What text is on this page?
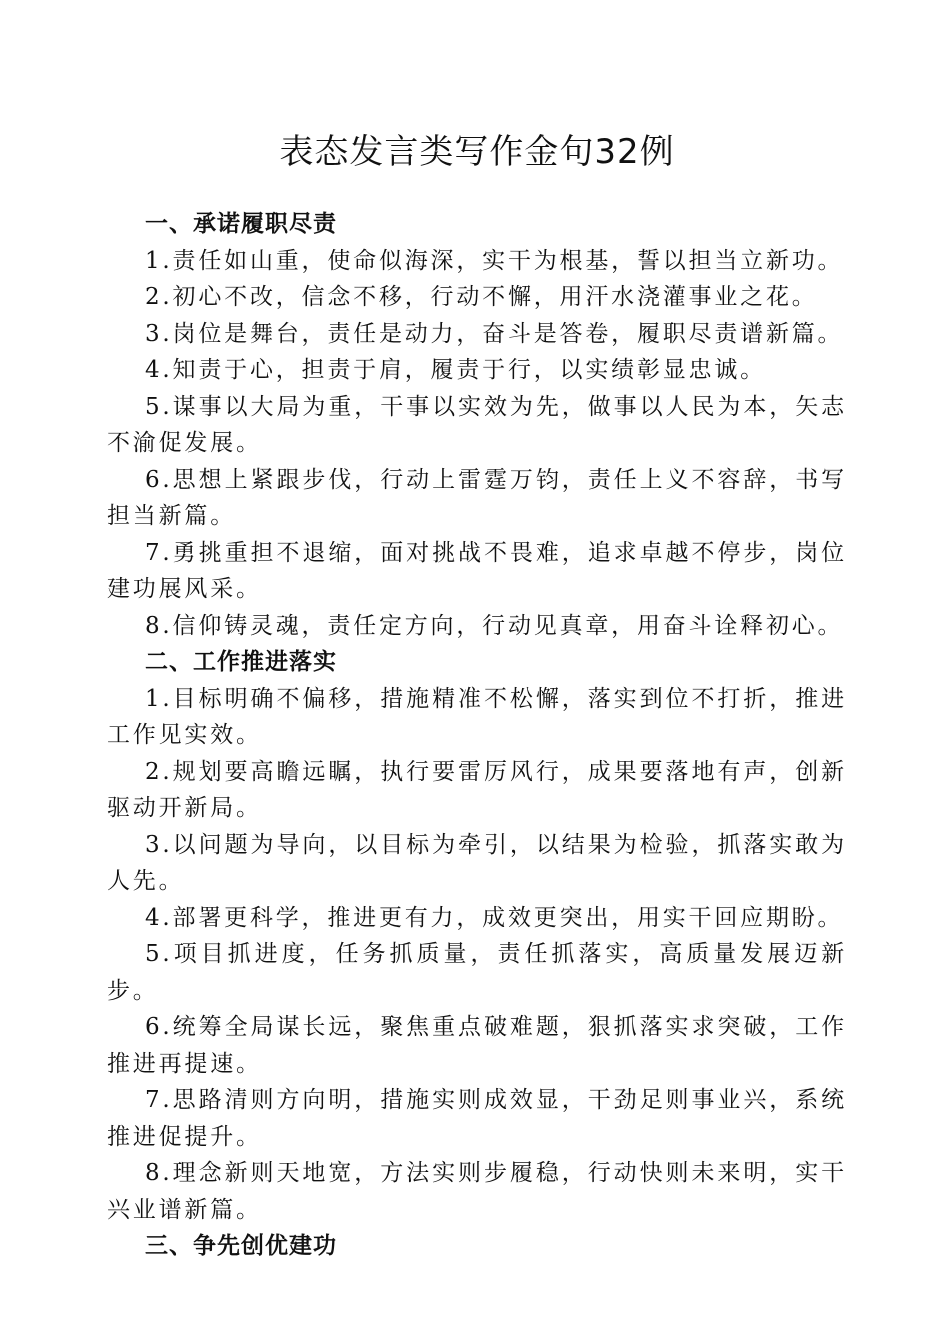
表态发言类写作金句32例

一、承诺履职尽责

1.责任如山重，使命似海深，实干为根基，誓以担当立新功。

2.初心不改，信念不移，行动不懈，用汗水浇灌事业之花。

3.岗位是舞台，责任是动力，奋斗是答卷，履职尽责谱新篇。

4.知责于心，担责于肩，履责于行，以实绩彰显忠诚。

5.谋事以大局为重，干事以实效为先，做事以人民为本，矢志不渝促发展。

6.思想上紧跟步伐，行动上雷霆万钧，责任上义不容辞，书写担当新篇。

7.勇挑重担不退缩，面对挑战不畏难，追求卓越不停步，岗位建功展风采。

8.信仰铸灵魂，责任定方向，行动见真章，用奋斗诠释初心。

二、工作推进落实

1.目标明确不偏移，措施精准不松懈，落实到位不打折，推进工作见实效。

2.规划要高瞻远瞩，执行要雷厉风行，成果要落地有声，创新驱动开新局。

3.以问题为导向，以目标为牵引，以结果为检验，抓落实敢为人先。

4.部署更科学，推进更有力，成效更突出，用实干回应期盼。

5.项目抓进度，任务抓质量，责任抓落实，高质量发展迈新步。

6.统筹全局谋长远，聚焦重点破难题，狠抓落实求突破，工作推进再提速。

7.思路清则方向明，措施实则成效显，干劲足则事业兴，系统推进促提升。

8.理念新则天地宽，方法实则步履稳，行动快则未来明，实干兴业谱新篇。

三、争先创优建功
